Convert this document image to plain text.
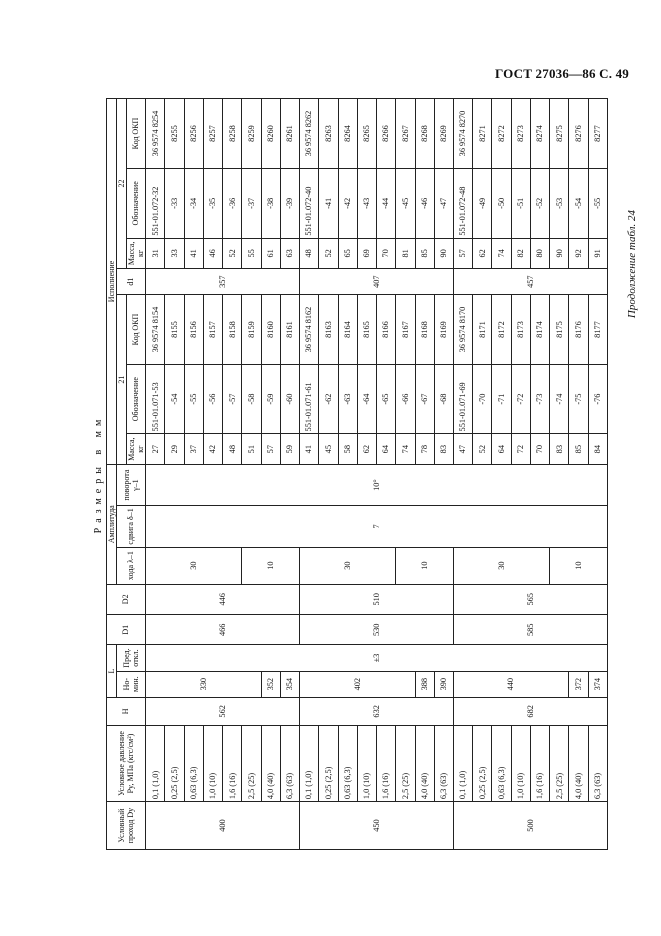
ГОСТ 27036—86 С. 49
Продолжение табл. 24
Размеры в мм																
Условный проход Dy	Условное давление Py, МПа (кгс/см²)	H	L		D1	D2	Амплитуда			Исполнение						
			Но-мин.	Пред. откл.			хода λ–1	сдвига δ–1	поворота γ–1	21			d1	22		
										Масса, кг	Обозначение	Код ОКП		Масса, кг	Обозначение	Код ОКП
400	0,1 (1,0)	562	330	±3	466	446	30	7	10°	27	551-01.071-53	36 9574 8154	357	31	551-01.072-32	36 9574 8254
	0,25 (2,5)									29	-54	8155		33	-33	8255
	0,63 (6,3)									37	-55	8156		41	-34	8256
	1,0 (10)									42	-56	8157		46	-35	8257
	1,6 (16)									48	-57	8158		52	-36	8258
	2,5 (25)						10			51	-58	8159		55	-37	8259
	4,0 (40)		352							57	-59	8160		61	-38	8260
	6,3 (63)		354							59	-60	8161		63	-39	8261
450	0,1 (1,0)	632	402		530	510	30			41	551-01.071-61	36 9574 8162	407	48	551-01.072-40	36 9574 8262
	0,25 (2,5)									45	-62	8163		52	-41	8263
	0,63 (6,3)									58	-63	8164		65	-42	8264
	1,0 (10)									62	-64	8165		69	-43	8265
	1,6 (16)									64	-65	8166		70	-44	8266
	2,5 (25)						10			74	-66	8167		81	-45	8267
	4,0 (40)		388							78	-67	8168		85	-46	8268
	6,3 (63)		390							83	-68	8169		90	-47	8269
500	0,1 (1,0)	682	440		585	565	30			47	551-01.071-69	36 9574 8170	457	57	551-01.072-48	36 9574 8270
	0,25 (2,5)									52	-70	8171		62	-49	8271
	0,63 (6,3)									64	-71	8172		74	-50	8272
	1,0 (10)									72	-72	8173		82	-51	8273
	1,6 (16)									70	-73	8174		80	-52	8274
	2,5 (25)						10			83	-74	8175		90	-53	8275
	4,0 (40)		372							85	-75	8176		92	-54	8276
	6,3 (63)		374							84	-76	8177		91	-55	8277
